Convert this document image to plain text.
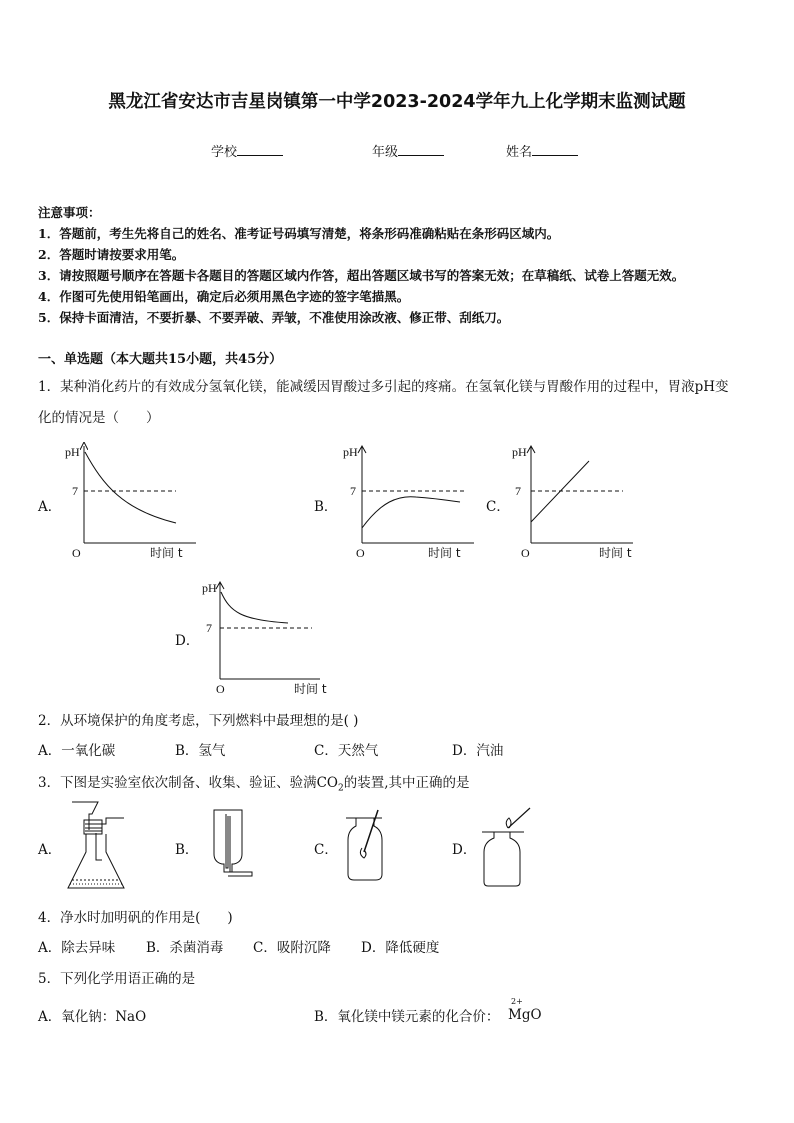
黑龙江省安达市吉星岗镇第一中学2023-2024学年九上化学期末监测试题
学校	年级	姓名
注意事项：
1．答题前，考生先将自己的姓名、准考证号码填写清楚，将条形码准确粘贴在条形码区域内。
2．答题时请按要求用笔。
3．请按照题号顺序在答题卡各题目的答题区域内作答，超出答题区域书写的答案无效；在草稿纸、试卷上答题无效。
4．作图可先使用铅笔画出，确定后必须用黑色字迹的签字笔描黑。
5．保持卡面清洁，不要折暴、不要弄破、弄皱，不准使用涂改液、修正带、刮纸刀。
一、单选题（本大题共15小题，共45分）
1．某种消化药片的有效成分氢氧化镁，能减缓因胃酸过多引起的疼痛。在氢氧化镁与胃酸作用的过程中，胃液pH变
化的情况是（　　）
A．	B．	C．
D．
pH
7
O	时间 t
pH
7
O	时间 t
pH
7
O	时间 t
pH
7
O	时间 t
2．从环境保护的角度考虑，下列燃料中最理想的是( )
A．一氧化碳	B．氢气	C．天然气	D．汽油
3．下图是实验室依次制备、收集、验证、验满$CO_2$的装置,其中正确的是
A．	B．	C．	D．
4．净水时加明矾的作用是(　　)
A．除去异味 B．杀菌消毒 C．吸附沉降 D．降低硬度
5．下列化学用语正确的是
A．氧化钠：NaO	B．氧化镁中镁元素的化合价：
2+
MgO
